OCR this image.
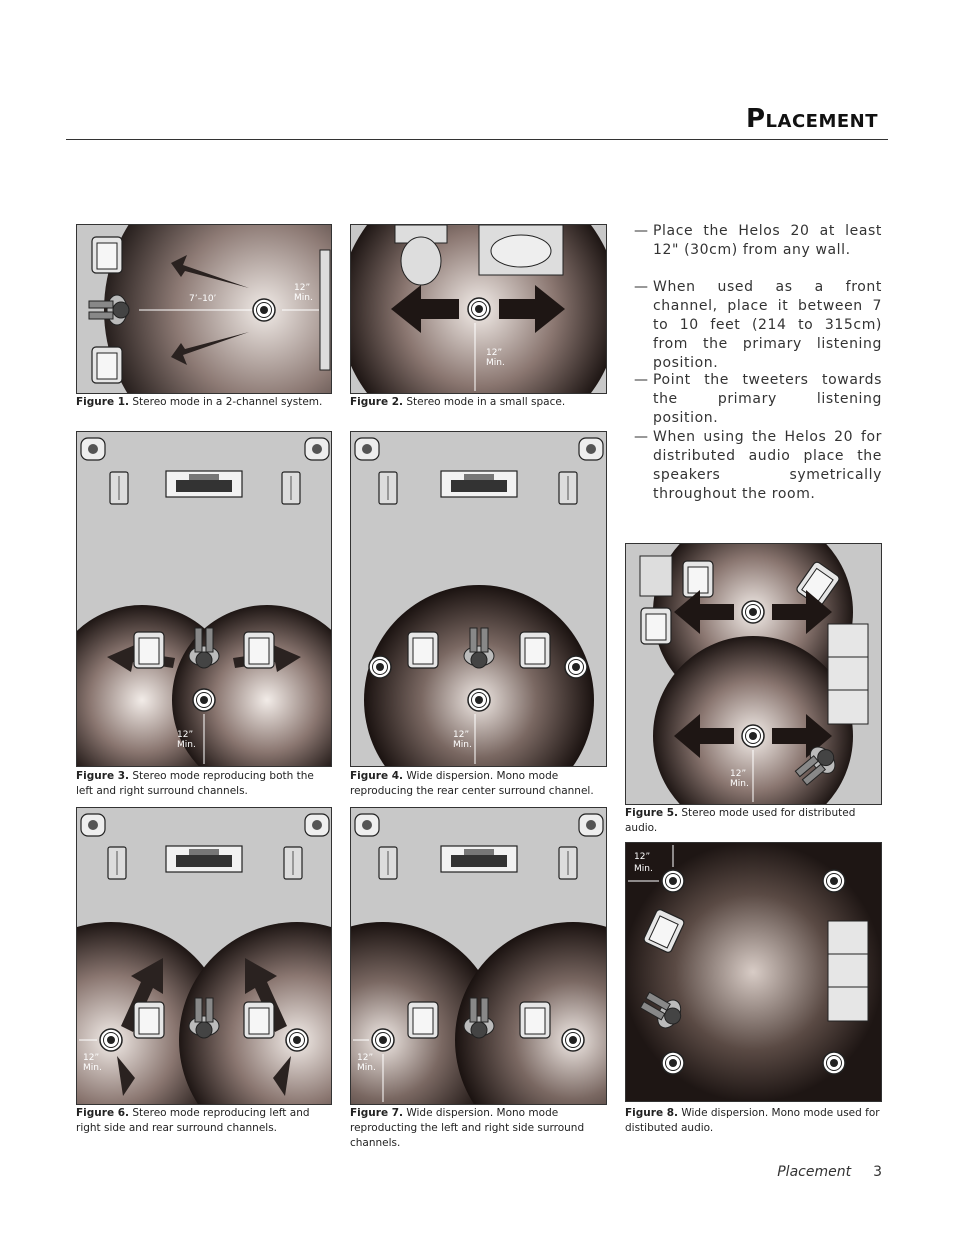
Placement
— Place the Helos 20 at least 12" (30cm) from any wall.
— When used as a front channel, place it between 7 to 10 feet (214 to 315cm) from the primary listening position.
— Point the tweeters towards the primary listening position.
— When using the Helos 20 for distributed audio place the speakers symetrically throughout the room.
7’–10’
12”
Min.
Figure 1. Stereo mode in a 2-channel system.
12”
Min.
Figure 2. Stereo mode in a small space.
12”
Min.
Figure 3. Stereo mode reproducing both the left and right surround channels.
12”
Min.
Figure 4. Wide dispersion. Mono mode reproducing the rear center surround channel.
12”
Min.
Figure 5. Stereo mode used for distributed audio.
12”
Min.
Figure 6. Stereo mode reproducing left and right side and rear surround channels.
12”
Min.
Figure 7. Wide dispersion. Mono mode reproducting the left and right side surround channels.
12”
Min.
Figure 8. Wide dispersion. Mono mode used for distibuted audio.
Placement 3
